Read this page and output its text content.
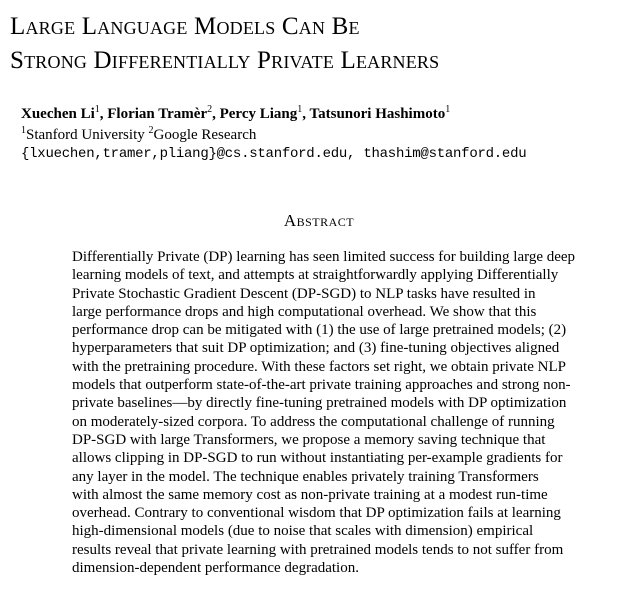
Large Language Models Can Be
Strong Differentially Private Learners
Xuechen Li$^1$, Florian Tramèr$^2$, Percy Liang$^1$, Tatsunori Hashimoto$^1$
$^1$Stanford University $^2$Google Research
{lxuechen,tramer,pliang}@cs.stanford.edu, thashim@stanford.edu
Abstract
Differentially Private (DP) learning has seen limited success for building large deep
learning models of text, and attempts at straightforwardly applying Differentially
Private Stochastic Gradient Descent (DP-SGD) to NLP tasks have resulted in
large performance drops and high computational overhead. We show that this
performance drop can be mitigated with (1) the use of large pretrained models; (2)
hyperparameters that suit DP optimization; and (3) fine-tuning objectives aligned
with the pretraining procedure. With these factors set right, we obtain private NLP
models that outperform state-of-the-art private training approaches and strong non-
private baselines—by directly fine-tuning pretrained models with DP optimization
on moderately-sized corpora. To address the computational challenge of running
DP-SGD with large Transformers, we propose a memory saving technique that
allows clipping in DP-SGD to run without instantiating per-example gradients for
any layer in the model. The technique enables privately training Transformers
with almost the same memory cost as non-private training at a modest run-time
overhead. Contrary to conventional wisdom that DP optimization fails at learning
high-dimensional models (due to noise that scales with dimension) empirical
results reveal that private learning with pretrained models tends to not suffer from
dimension-dependent performance degradation.
